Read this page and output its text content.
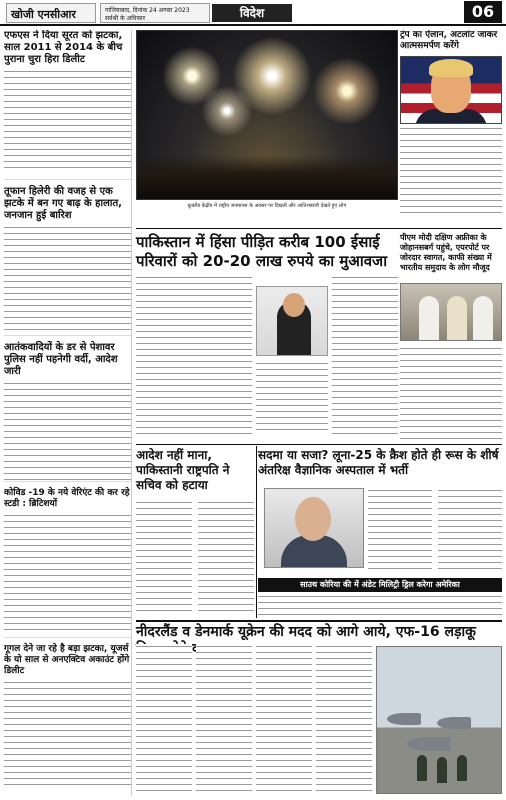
खोजी एनसीआर	गाजियाबाद, दिनांक 24 अगस्त 2023
सर्वश्री के अधिकार	विदेश	06
एफएस ने दिया सूरत को झटका, साल 2011 से 2014 के बीच पुराना चुरा हिरा डिलीट
तूफान हिलेरी की वजह से एक झटके में बन गए बाढ़ के हालात, जनजान हुई बारिश
आतंकवादियों के डर से पेशावर पुलिस नहीं पहनेगी वर्दी, आदेश जारी
कोविड -19 के नये वेरिएंट की कर रहे स्टडी : ब्रिटिशयों
गूगल देने जा रहे है बड़ा झटका, यूजर्स के यो साल से अनएक्टिव अकाउंट होंगे डिलीट
फ्रूकरैंड केंद्रीय में राष्ट्रीय जनमानस के अवसर पर दिखती और आतिशबाजी देखते हुए लोग
ट्रंप का ऐलान, अटलांट जाकर आत्मसमर्पण करेंगे
पाकिस्तान में हिंसा पीड़ित करीब 100 ईसाई परिवारों को 20-20 लाख रुपये का मुआवजा
पीएम मोदी दक्षिण अफ्रीका के जोहानसबर्ग पहुंचे, एयरपोर्ट पर जोरदार स्वागत, काफी संख्या में भारतीय समुदाय के लोग मौजूद
आदेश नहीं माना, पाकिस्तानी राष्ट्रपति ने सचिव को हटाया
सदमा या सजा? लूना-25 के क्रैश होते ही रूस के शीर्ष अंतरिक्ष वैज्ञानिक अस्पताल में भर्ती
साउथ कोरिया की में अंडेट मिलिट्री ड्रिल करेगा अमेरिका
नीदरलैंड व डेनमार्क यूक्रेन की मदद को आगे आये, एफ-16 लड़ाकू
